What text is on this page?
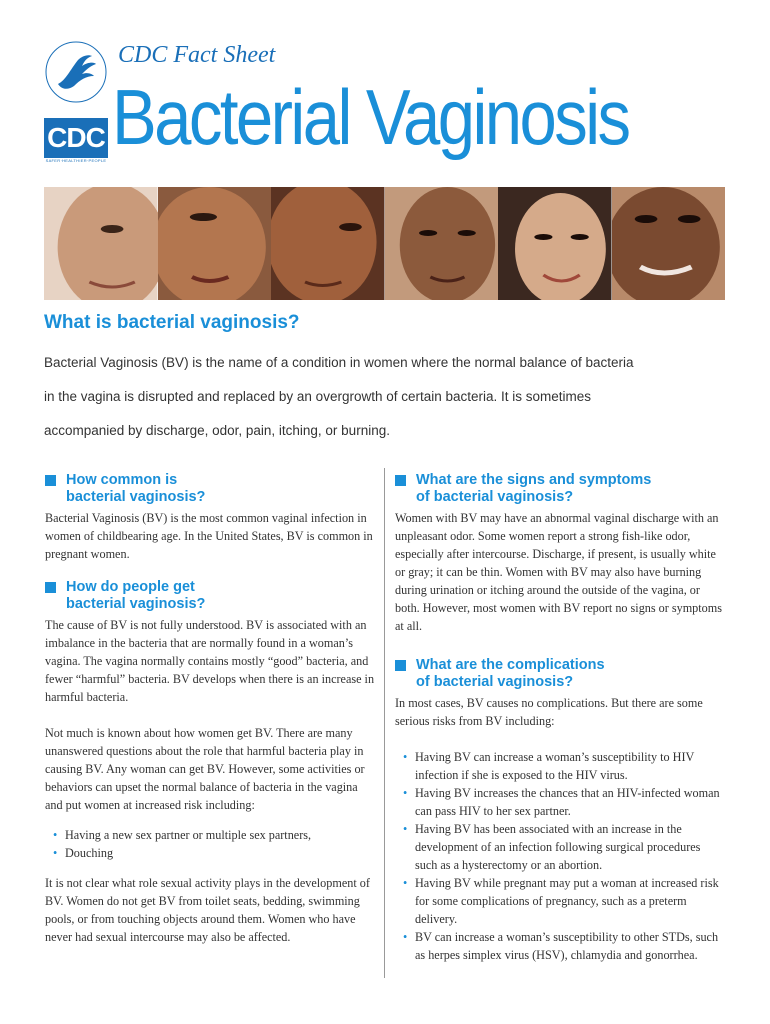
CDC
SAFER·HEALTHIER·PEOPLE
CDC Fact Sheet
Bacterial Vaginosis
What is bacterial vaginosis?
Bacterial Vaginosis (BV) is the name of a condition in women where the normal balance of bacteria
in the vagina is disrupted and replaced by an overgrowth of certain bacteria. It is sometimes
accompanied by discharge, odor, pain, itching, or burning.
How common is
bacterial vaginosis?

Bacterial Vaginosis (BV) is the most common vaginal infection in women of childbearing age. In the United States, BV is common in pregnant women.

How do people get
bacterial vaginosis?

The cause of BV is not fully understood. BV is associated with an imbalance in the bacteria that are normally found in a woman’s vagina. The vagina normally contains mostly “good” bacteria, and fewer “harmful” bacteria. BV develops when there is an increase in harmful bacteria.

Not much is known about how women get BV. There are many unanswered questions about the role that harmful bacteria play in causing BV. Any woman can get BV. However, some activities or behaviors can upset the normal balance of bacteria in the vagina and put women at increased risk including:

• Having a new sex partner or multiple sex partners,
• Douching

It is not clear what role sexual activity plays in the development of BV. Women do not get BV from toilet seats, bedding, swimming pools, or from touching objects around them. Women who have never had sexual intercourse may also be affected.

What are the signs and symptoms
of bacterial vaginosis?

Women with BV may have an abnormal vaginal discharge with an unpleasant odor. Some women report a strong fish-like odor, especially after intercourse. Discharge, if present, is usually white or gray; it can be thin. Women with BV may also have burning during urination or itching around the outside of the vagina, or both. However, most women with BV report no signs or symptoms at all.

What are the complications
of bacterial vaginosis?

In most cases, BV causes no complications. But there are some serious risks from BV including:

• Having BV can increase a woman’s susceptibility to HIV infection if she is exposed to the HIV virus.
• Having BV increases the chances that an HIV-infected woman can pass HIV to her sex partner.
• Having BV has been associated with an increase in the development of an infection following surgical procedures such as a hysterectomy or an abortion.
• Having BV while pregnant may put a woman at increased risk for some complications of pregnancy, such as a preterm delivery.
• BV can increase a woman’s susceptibility to other STDs, such as herpes simplex virus (HSV), chlamydia and gonorrhea.
